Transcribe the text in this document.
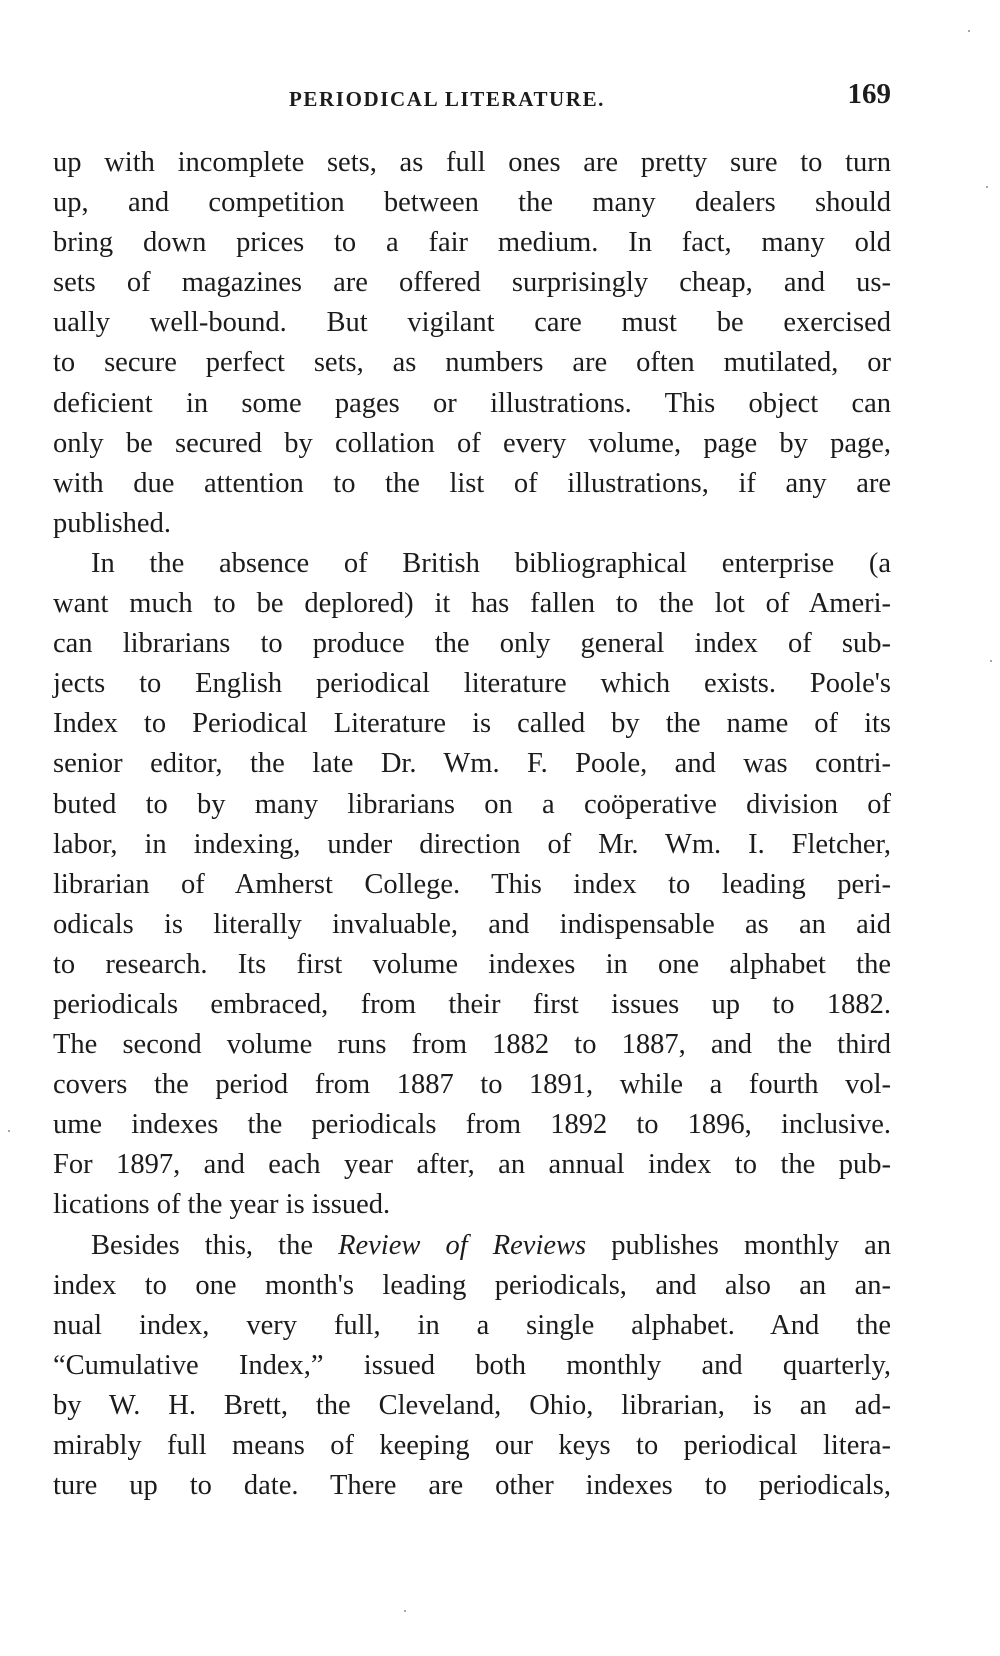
PERIODICAL LITERATURE.	169
up with incomplete sets, as full ones are pretty sure to turn
up, and competition between the many dealers should
bring down prices to a fair medium. In fact, many old
sets of magazines are offered surprisingly cheap, and us-
ually well-bound. But vigilant care must be exercised
to secure perfect sets, as numbers are often mutilated, or
deficient in some pages or illustrations. This object can
only be secured by collation of every volume, page by page,
with due attention to the list of illustrations, if any are
published.
In the absence of British bibliographical enterprise (a
want much to be deplored) it has fallen to the lot of Ameri-
can librarians to produce the only general index of sub-
jects to English periodical literature which exists. Poole's
Index to Periodical Literature is called by the name of its
senior editor, the late Dr. Wm. F. Poole, and was contri-
buted to by many librarians on a coöperative division of
labor, in indexing, under direction of Mr. Wm. I. Fletcher,
librarian of Amherst College. This index to leading peri-
odicals is literally invaluable, and indispensable as an aid
to research. Its first volume indexes in one alphabet the
periodicals embraced, from their first issues up to 1882.
The second volume runs from 1882 to 1887, and the third
covers the period from 1887 to 1891, while a fourth vol-
ume indexes the periodicals from 1892 to 1896, inclusive.
For 1897, and each year after, an annual index to the pub-
lications of the year is issued.
Besides this, the Review of Reviews publishes monthly an
index to one month's leading periodicals, and also an an-
nual index, very full, in a single alphabet. And the
“Cumulative Index,” issued both monthly and quarterly,
by W. H. Brett, the Cleveland, Ohio, librarian, is an ad-
mirably full means of keeping our keys to periodical litera-
ture up to date. There are other indexes to periodicals,
